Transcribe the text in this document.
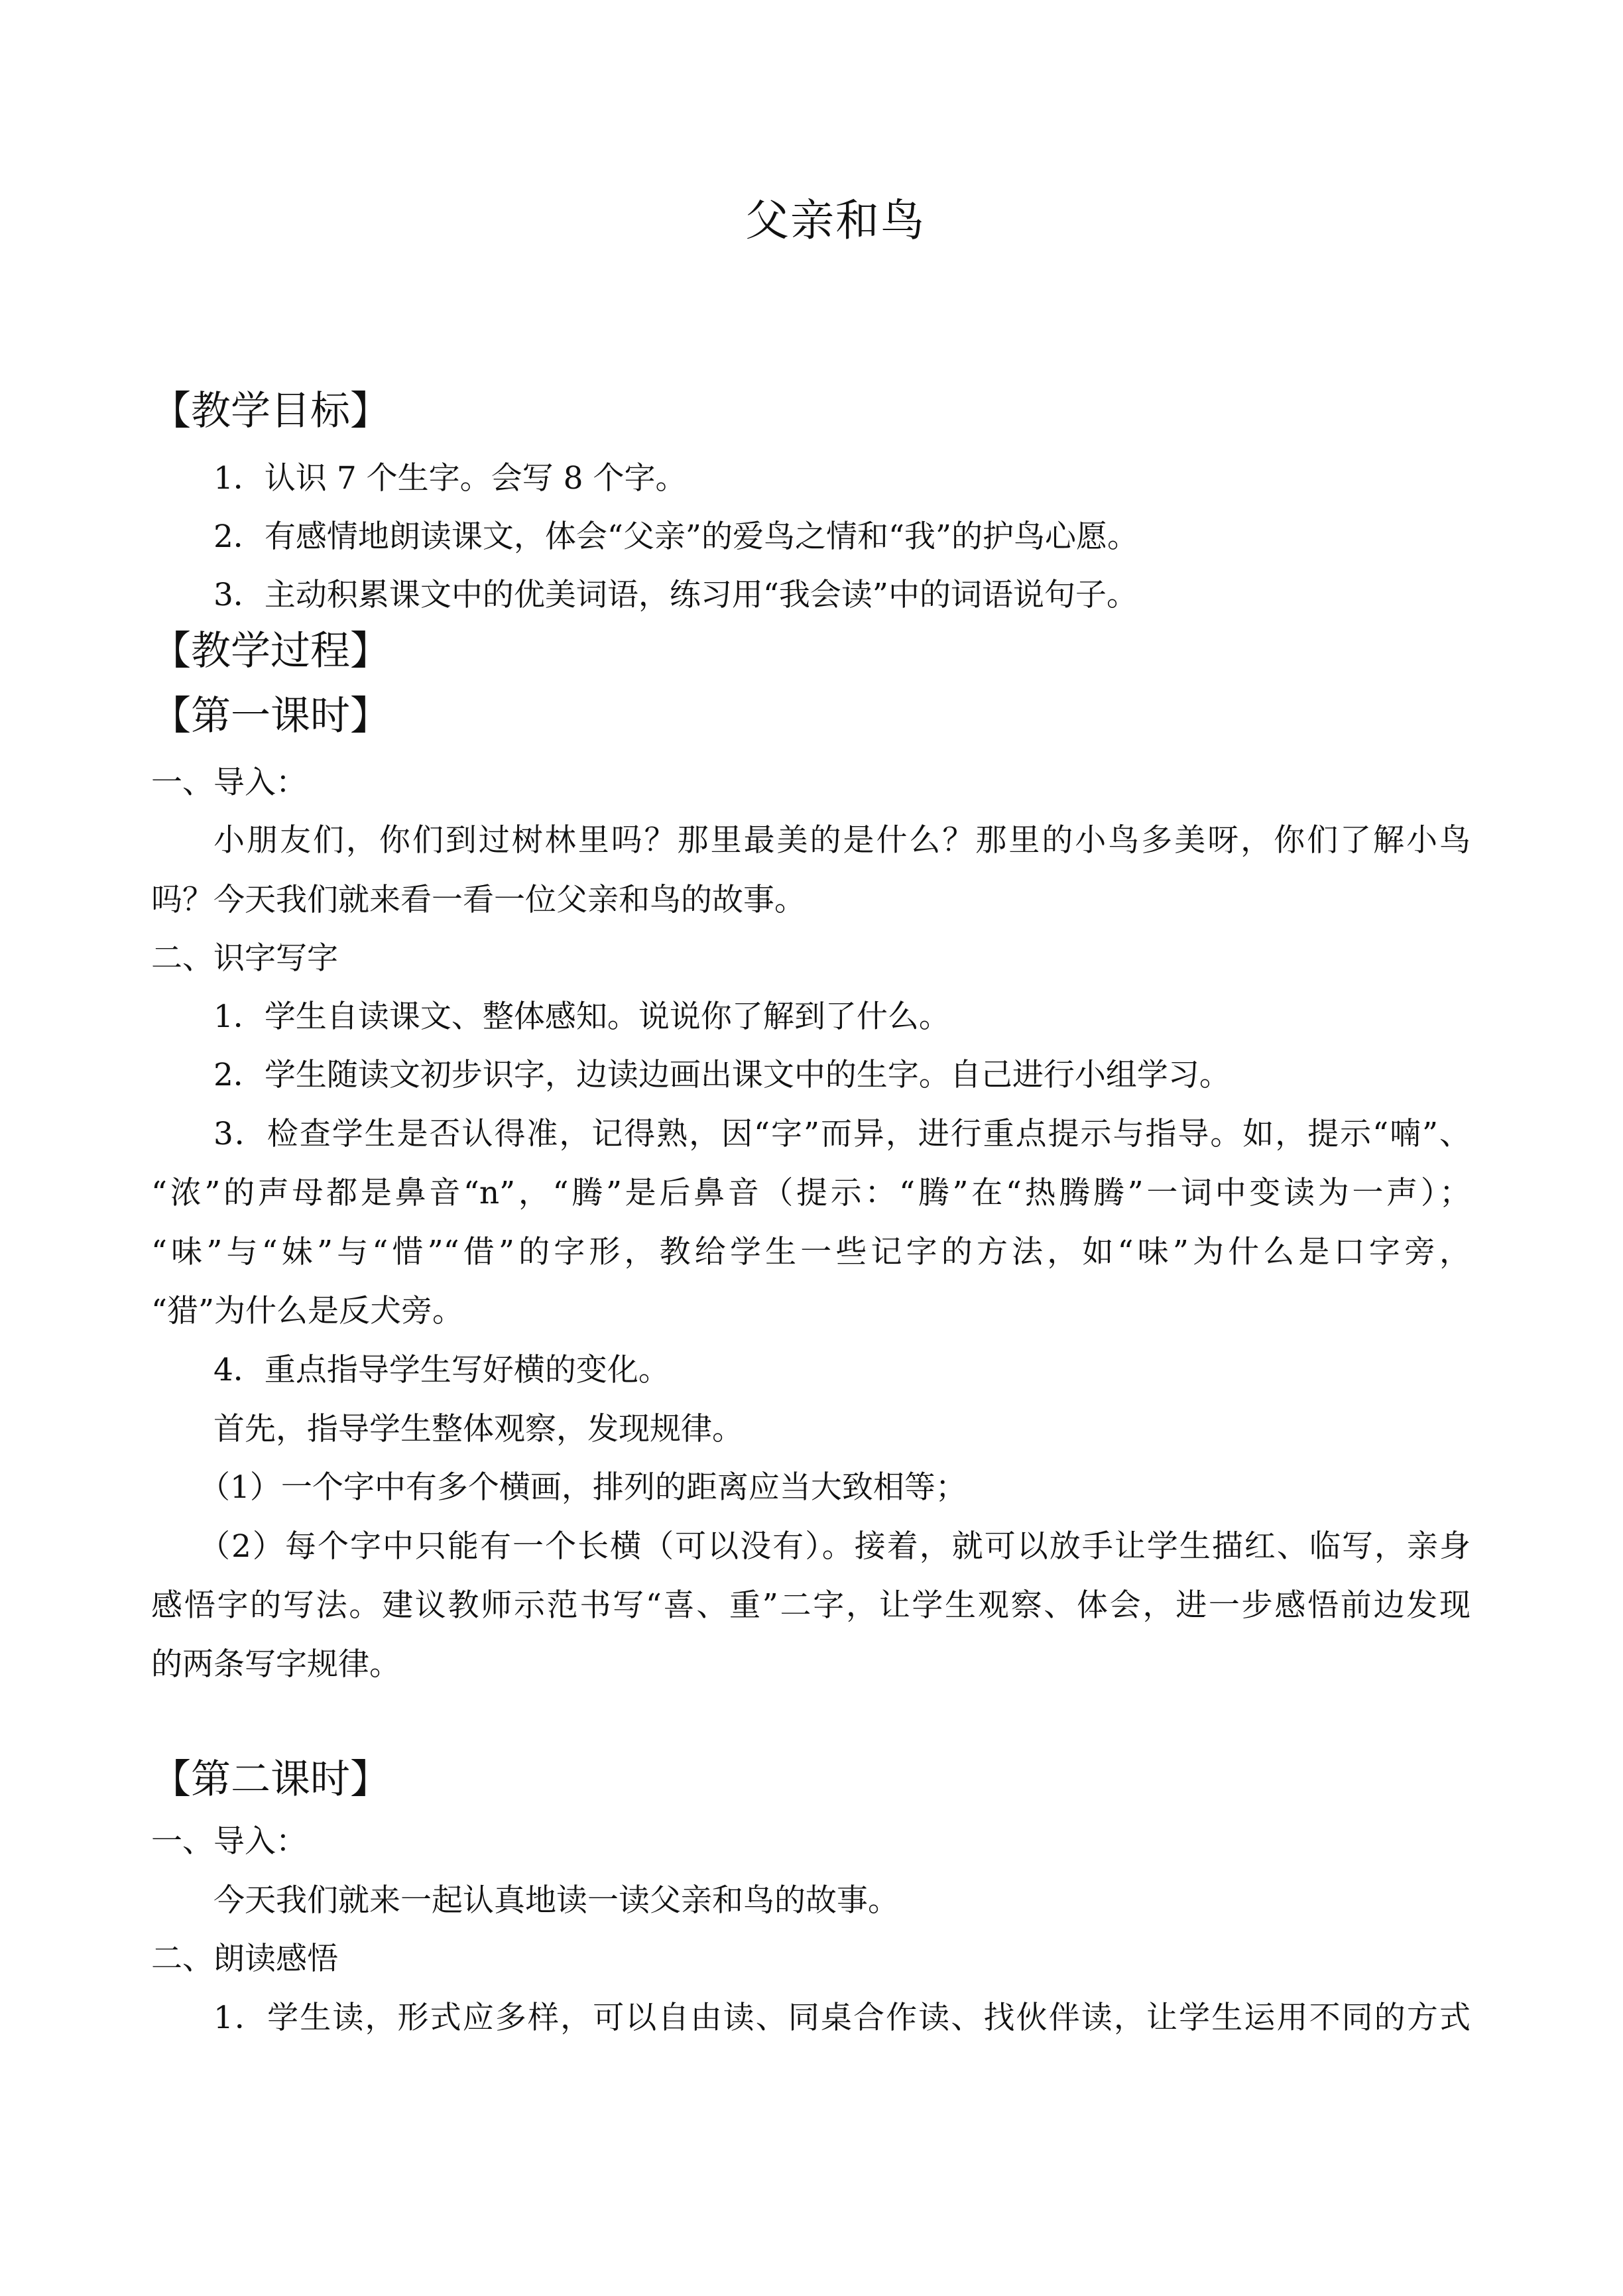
父亲和鸟
【教学目标】
1．认识 7 个生字。会写 8 个字。
2．有感情地朗读课文，体会“父亲”的爱鸟之情和“我”的护鸟心愿。
3．主动积累课文中的优美词语，练习用“我会读”中的词语说句子。
【教学过程】
【第一课时】
一、导入：
小朋友们，你们到过树林里吗？那里最美的是什么？那里的小鸟多美呀，你们了解小鸟
吗？今天我们就来看一看一位父亲和鸟的故事。
二、识字写字
1．学生自读课文、整体感知。说说你了解到了什么。
2．学生随读文初步识字，边读边画出课文中的生字。自己进行小组学习。
3．检查学生是否认得准，记得熟，因“字”而异，进行重点提示与指导。如，提示“喃”、
“浓”的声母都是鼻音“n”，“腾”是后鼻音（提示：“腾”在“热腾腾”一词中变读为一声）；
“味”与“妹”与“惜”“借”的字形，教给学生一些记字的方法，如“味”为什么是口字旁，
“猎”为什么是反犬旁。
4．重点指导学生写好横的变化。
首先，指导学生整体观察，发现规律。
（1）一个字中有多个横画，排列的距离应当大致相等；
（2）每个字中只能有一个长横（可以没有）。接着，就可以放手让学生描红、临写，亲身
感悟字的写法。建议教师示范书写“喜、重”二字，让学生观察、体会，进一步感悟前边发现
的两条写字规律。
【第二课时】
一、导入：
今天我们就来一起认真地读一读父亲和鸟的故事。
二、朗读感悟
1．学生读，形式应多样，可以自由读、同桌合作读、找伙伴读，让学生运用不同的方式
